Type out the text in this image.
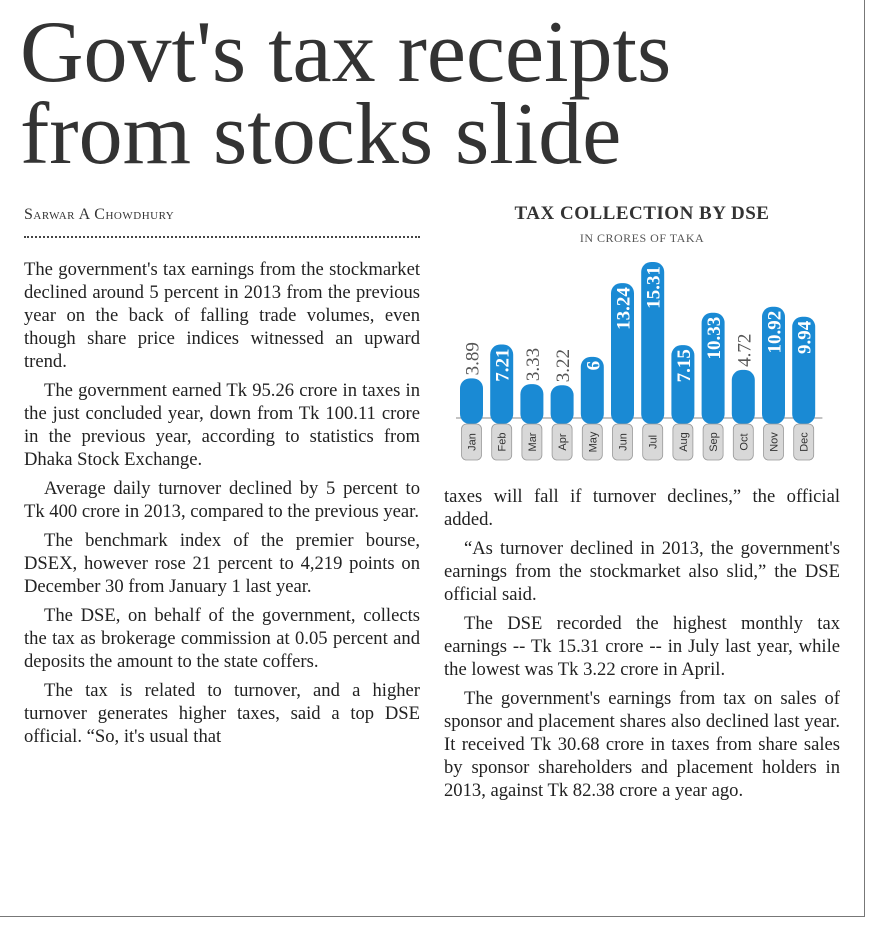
Govt's tax receipts
from stocks slide
Sarwar A Chowdhury

The government's tax earnings from the stockmarket declined around 5 percent in 2013 from the previous year on the back of falling trade volumes, even though share price indices witnessed an upward trend.

The government earned Tk 95.26 crore in taxes in the just concluded year, down from Tk 100.11 crore in the previous year, according to statistics from Dhaka Stock Exchange.

Average daily turnover declined by 5 percent to Tk 400 crore in 2013, compared to the previous year.

The benchmark index of the premier bourse, DSEX, however rose 21 percent to 4,219 points on December 30 from January 1 last year.

The DSE, on behalf of the government, collects the tax as brokerage commission at 0.05 percent and deposits the amount to the state coffers.

The tax is related to turnover, and a higher turnover generates higher taxes, said a top DSE official. “So, it's usual that

TAX COLLECTION BY DSE
IN CRORES OF TAKA
3.89
Jan
7.21
Feb
3.33
Mar
3.22
Apr
6
May
13.24
Jun
15.31
Jul
7.15
Aug
10.33
Sep
4.72
Oct
10.92
Nov
9.94
Dec

taxes will fall if turnover declines,” the official added.

“As turnover declined in 2013, the government's earnings from the stockmarket also slid,” the DSE official said.

The DSE recorded the highest monthly tax earnings -- Tk 15.31 crore -- in July last year, while the lowest was Tk 3.22 crore in April.

The government's earnings from tax on sales of sponsor and placement shares also declined last year. It received Tk 30.68 crore in taxes from share sales by sponsor shareholders and placement holders in 2013, against Tk 82.38 crore a year ago.
